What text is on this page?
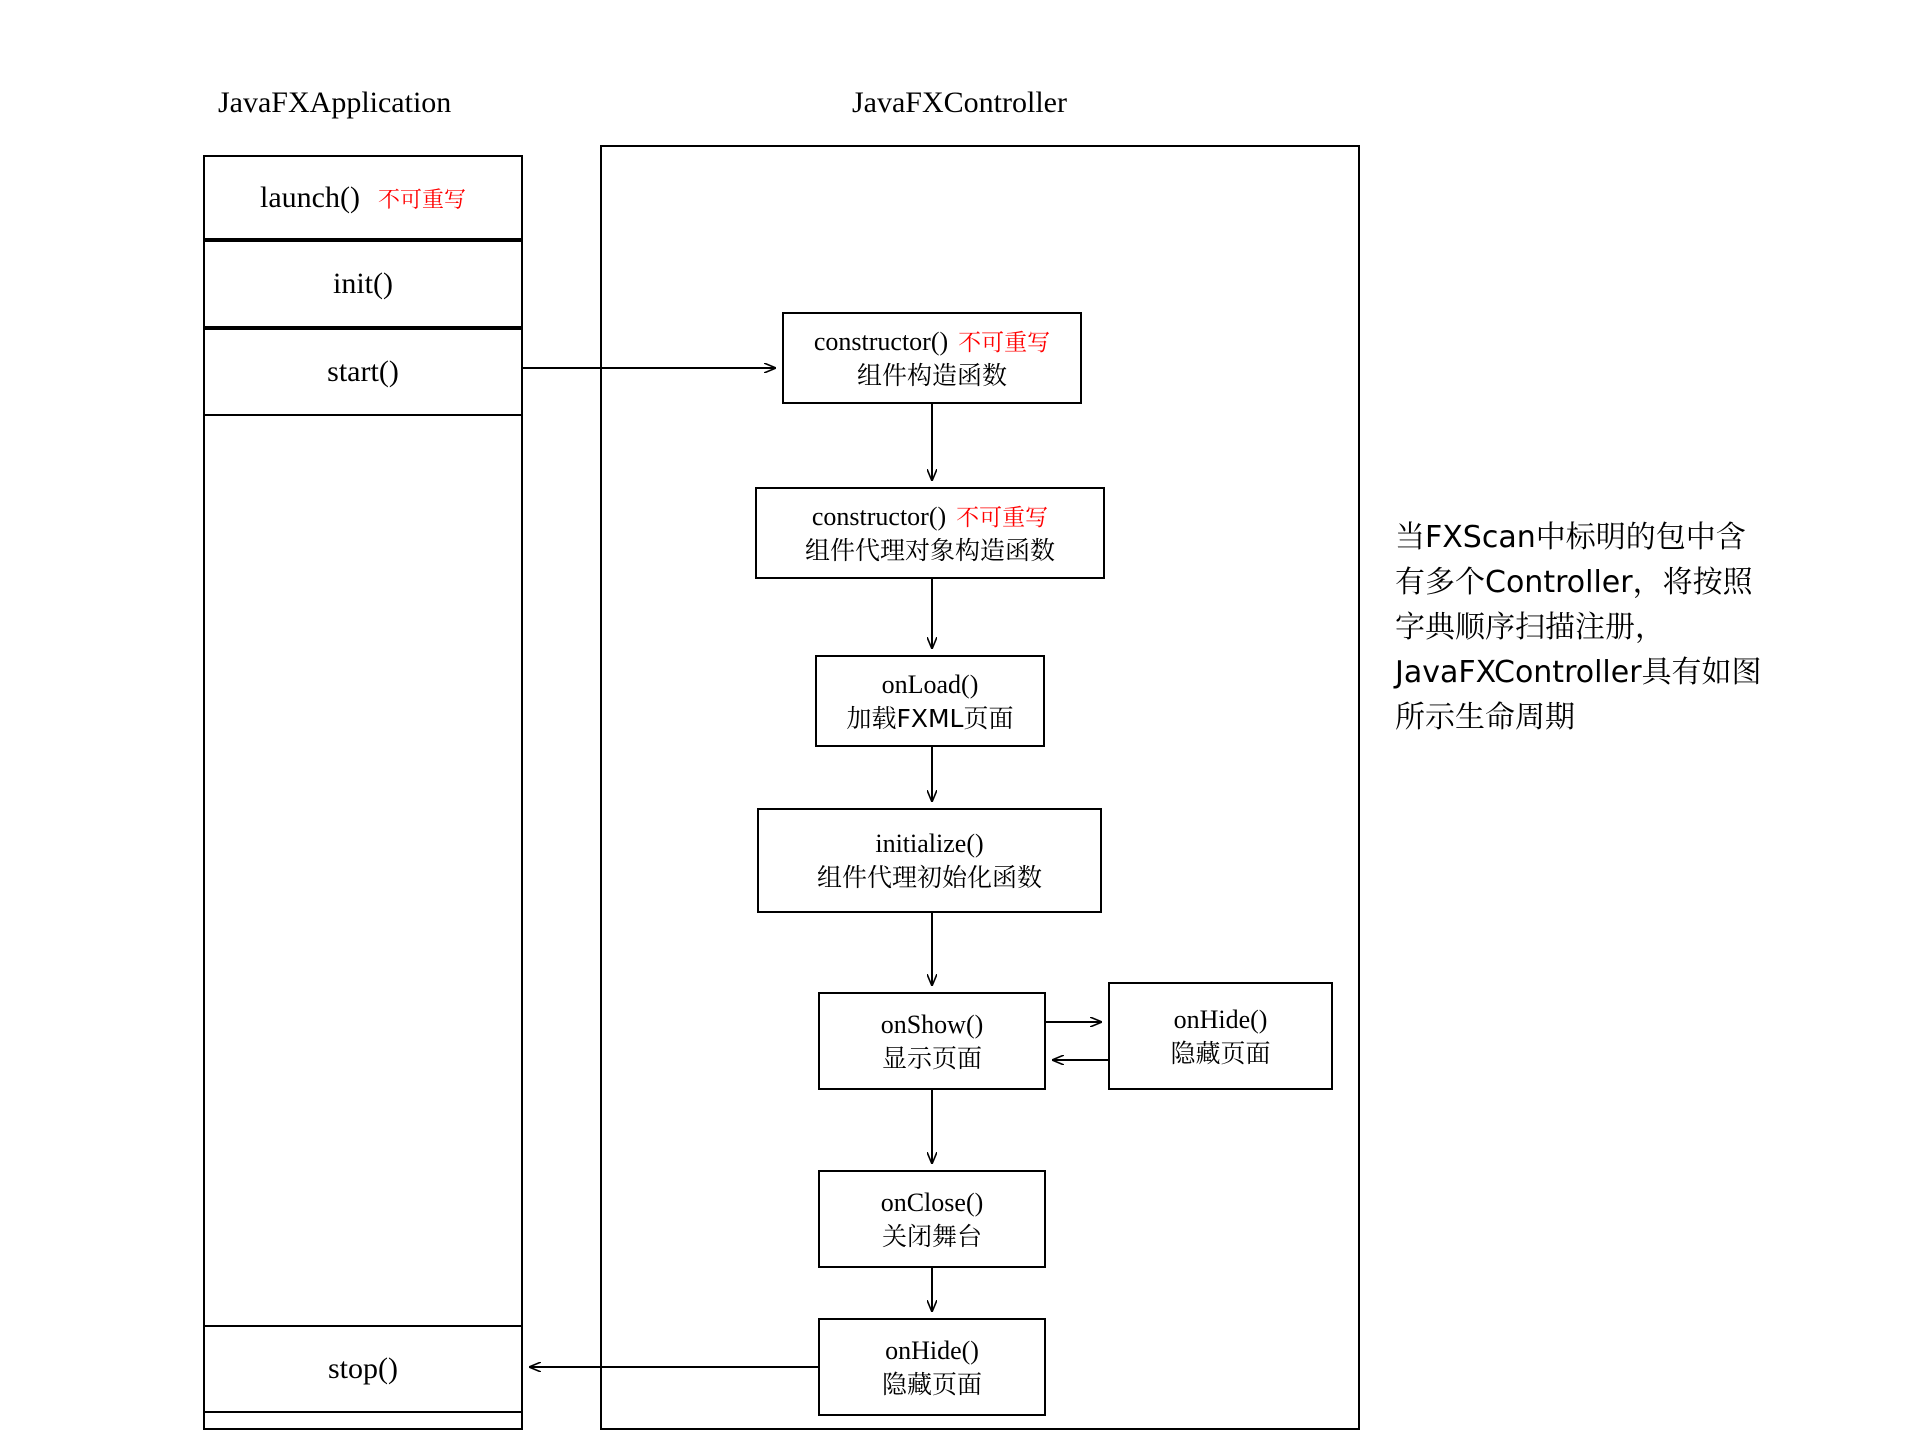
JavaFXApplication	JavaFXController
launch() 不可重写
init()
start()
stop()
constructor() 不可重写
组件构造函数
constructor() 不可重写
组件代理对象构造函数
onLoad()
加载FXML页面
initialize()
组件代理初始化函数
onShow()
显示页面
onHide()
隐藏页面
onClose()
关闭舞台
onHide()
隐藏页面
当FXScan中标明的包中含
有多个Controller，将按照
字典顺序扫描注册，
JavaFXController具有如图
所示生命周期
